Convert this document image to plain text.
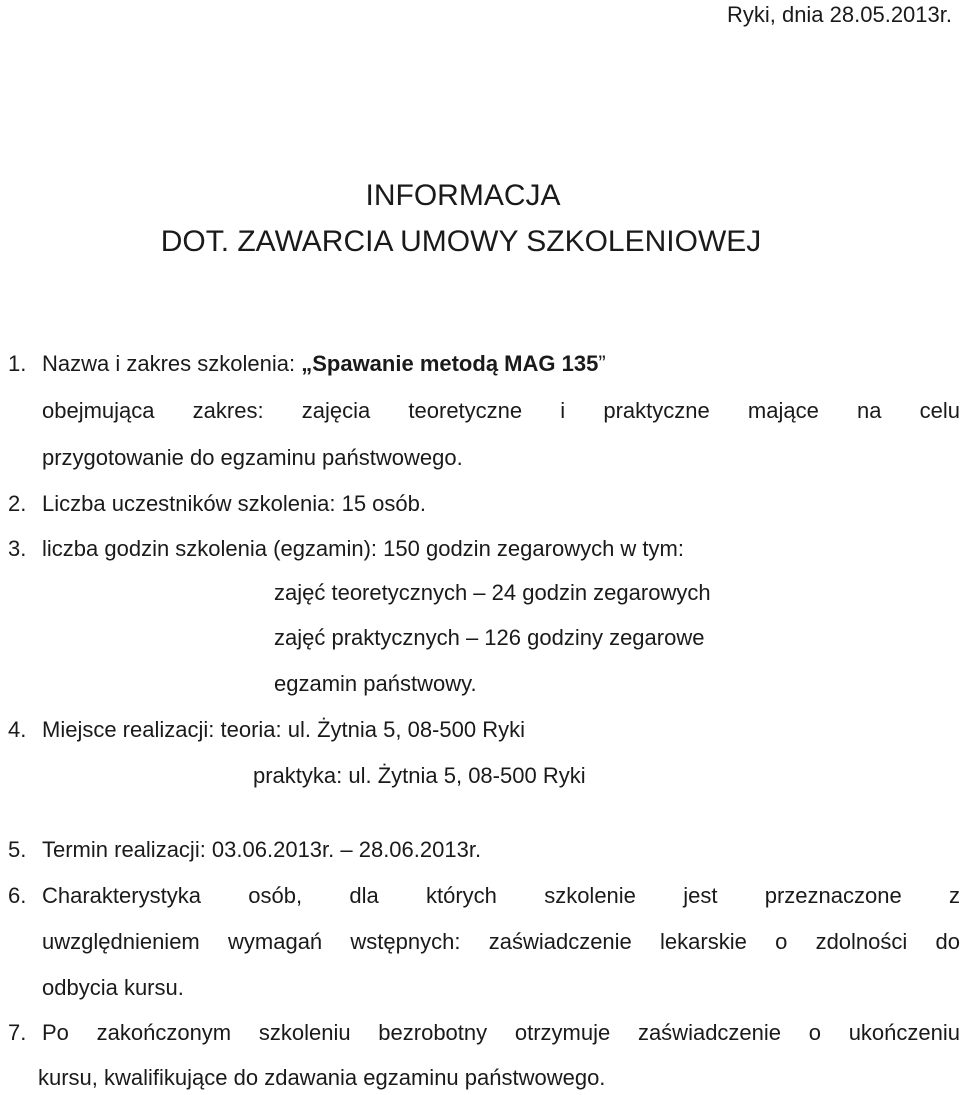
Ryki, dnia 28.05.2013r.
INFORMACJA
DOT. ZAWARCIA UMOWY SZKOLENIOWEJ
1. Nazwa i zakres szkolenia: „Spawanie metodą MAG 135”
obejmująca zakres: zajęcia teoretyczne i praktyczne mające na celu
przygotowanie do egzaminu państwowego.
2. Liczba uczestników szkolenia: 15 osób.
3. liczba godzin szkolenia (egzamin): 150 godzin zegarowych w tym:
zajęć teoretycznych – 24 godzin zegarowych
zajęć praktycznych – 126 godziny zegarowe
egzamin państwowy.
4. Miejsce realizacji: teoria: ul. Żytnia 5, 08-500 Ryki
praktyka: ul. Żytnia 5, 08-500 Ryki
5. Termin realizacji: 03.06.2013r. – 28.06.2013r.
6. Charakterystyka osób, dla których szkolenie jest przeznaczone z
uwzględnieniem wymagań wstępnych: zaświadczenie lekarskie o zdolności do
odbycia kursu.
7. Po zakończonym szkoleniu bezrobotny otrzymuje zaświadczenie o ukończeniu
kursu, kwalifikujące do zdawania egzaminu państwowego.
